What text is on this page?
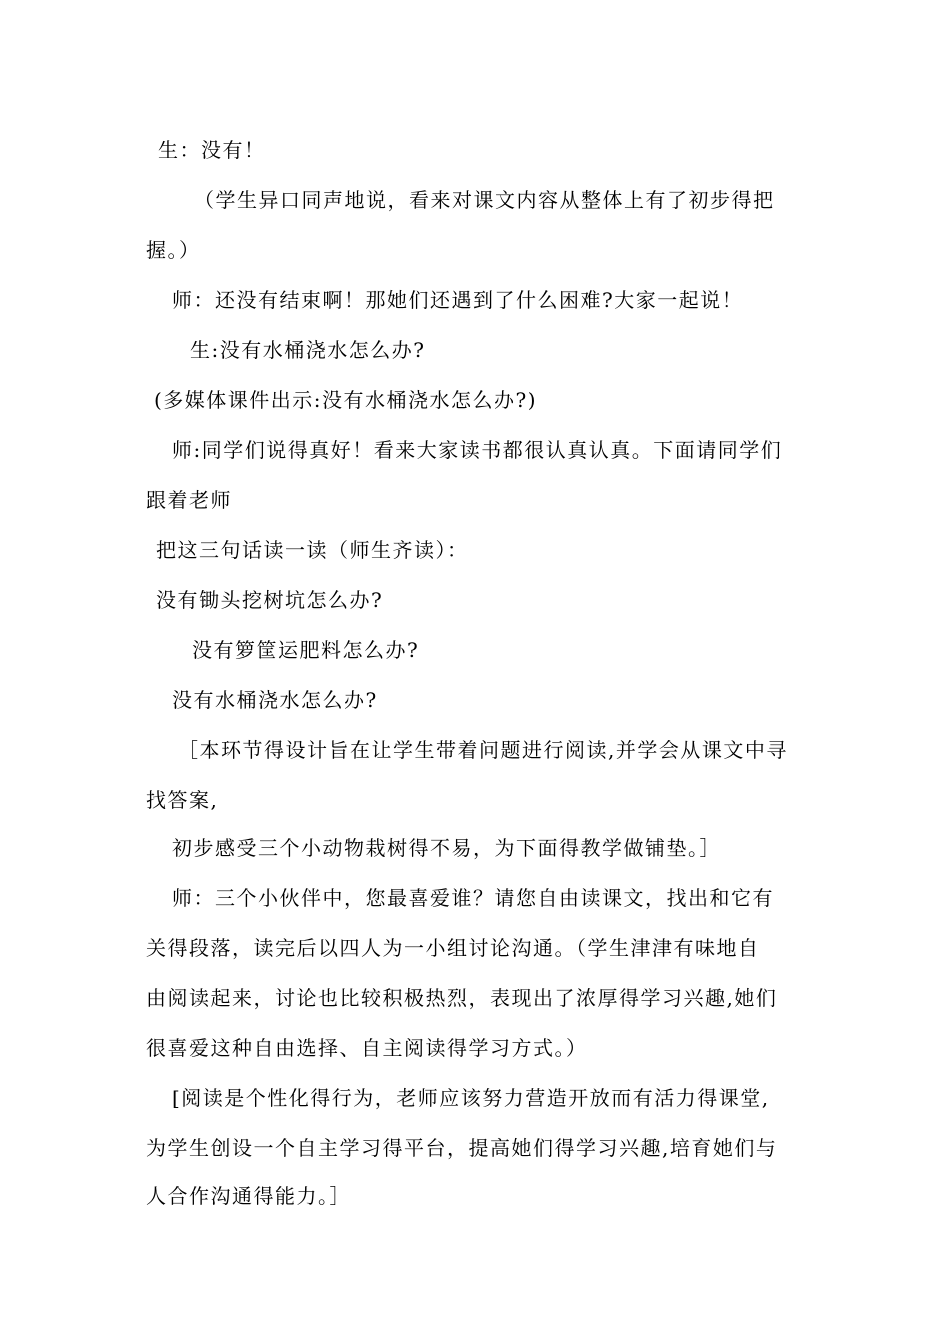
生：没有！
（学生异口同声地说，看来对课文内容从整体上有了初步得把
握。）
师：还没有结束啊！那她们还遇到了什么困难?大家一起说！
生:没有水桶浇水怎么办?
(多媒体课件出示:没有水桶浇水怎么办?)
师:同学们说得真好！看来大家读书都很认真认真。下面请同学们
跟着老师
把这三句话读一读（师生齐读）：
没有锄头挖树坑怎么办?
没有箩筐运肥料怎么办?
没有水桶浇水怎么办?
［本环节得设计旨在让学生带着问题进行阅读,并学会从课文中寻
找答案,
初步感受三个小动物栽树得不易，为下面得教学做铺垫。］
师：三个小伙伴中，您最喜爱谁？请您自由读课文，找出和它有
关得段落，读完后以四人为一小组讨论沟通。（学生津津有味地自
由阅读起来，讨论也比较积极热烈，表现出了浓厚得学习兴趣,她们
很喜爱这种自由选择、自主阅读得学习方式。）
[阅读是个性化得行为，老师应该努力营造开放而有活力得课堂,
为学生创设一个自主学习得平台，提高她们得学习兴趣,培育她们与
人合作沟通得能力。］
